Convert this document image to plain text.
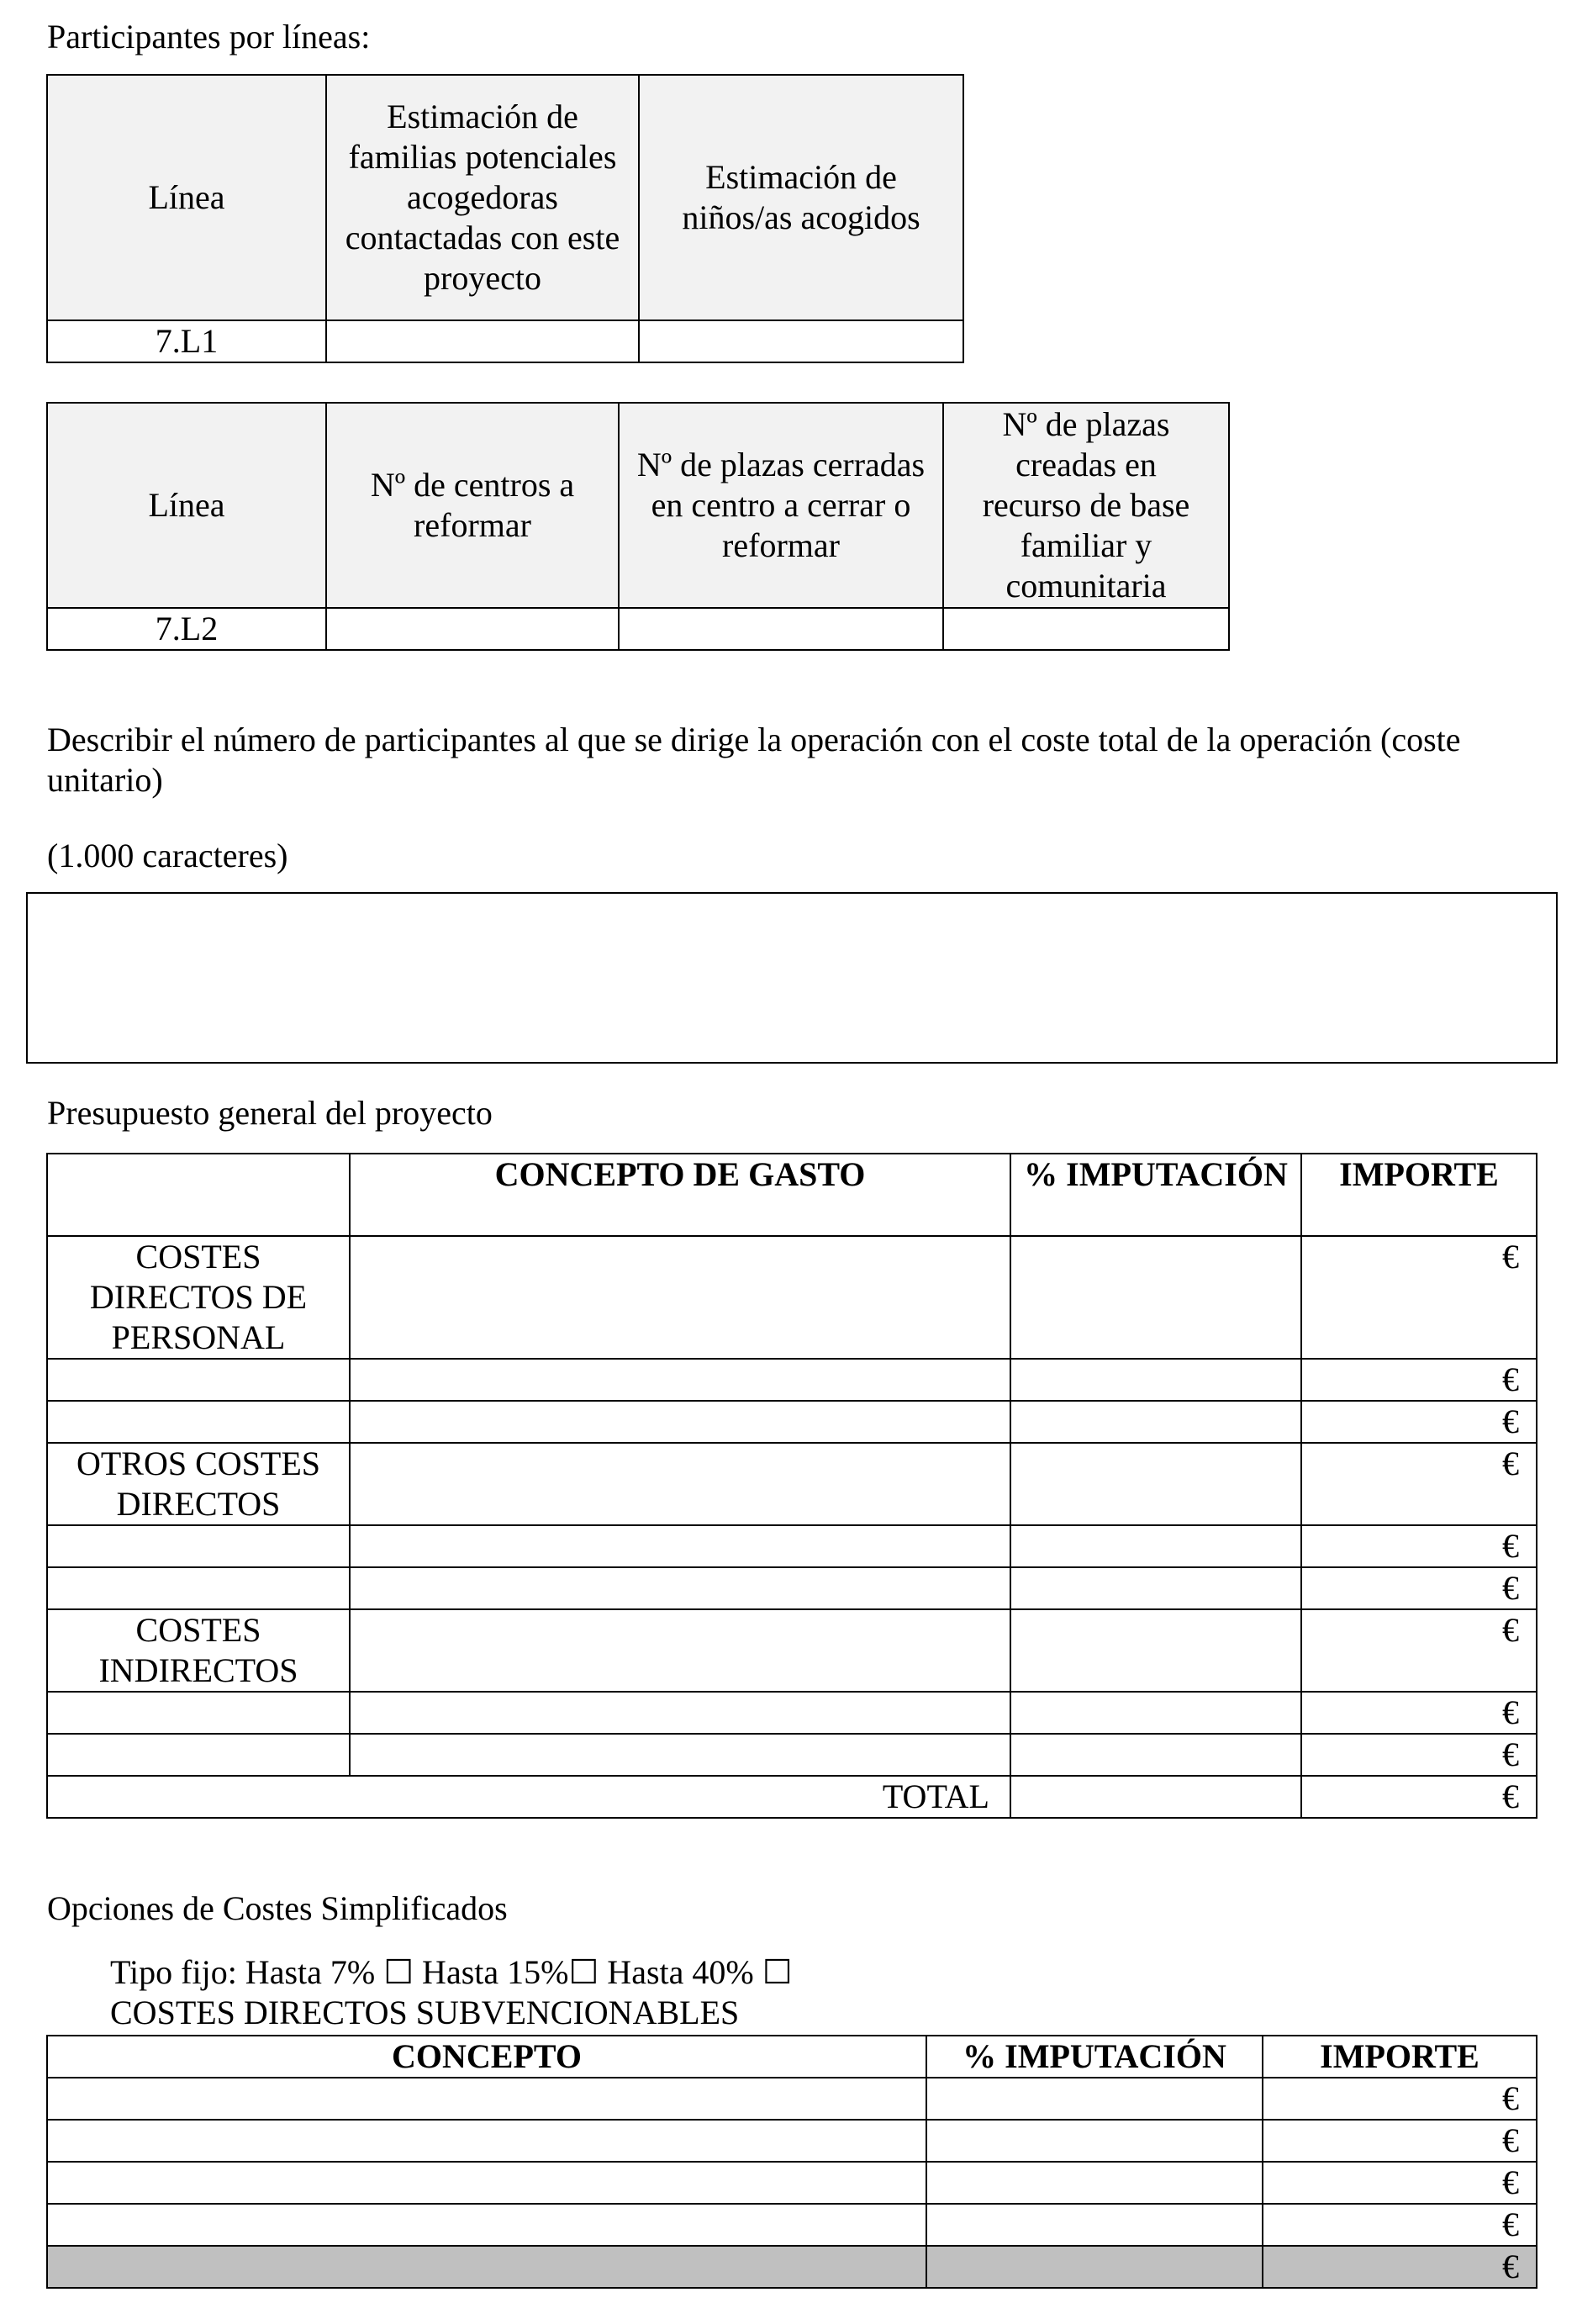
Participantes por líneas:
Línea	Estimación de familias potenciales acogedoras contactadas con este proyecto	Estimación de niños/as acogidos
7.L1		
Línea	Nº de centros a reformar	Nº de plazas cerradas en centro a cerrar o reformar	Nº de plazas creadas en recurso de base familiar y comunitaria
7.L2			
Describir el número de participantes al que se dirige la operación con el coste total de la operación (coste unitario)
(1.000 caracteres)
Presupuesto general del proyecto
	CONCEPTO DE GASTO	% IMPUTACIÓN	IMPORTE
COSTES DIRECTOS DE PERSONAL			€
			€
			€
OTROS COSTES DIRECTOS			€
			€
			€
COSTES INDIRECTOS			€
			€
			€
TOTAL			€
Opciones de Costes Simplificados
Tipo fijo: Hasta 7% ☐ Hasta 15%☐ Hasta 40% ☐
COSTES DIRECTOS SUBVENCIONABLES
CONCEPTO	% IMPUTACIÓN	IMPORTE
		€
		€
		€
		€
		€
